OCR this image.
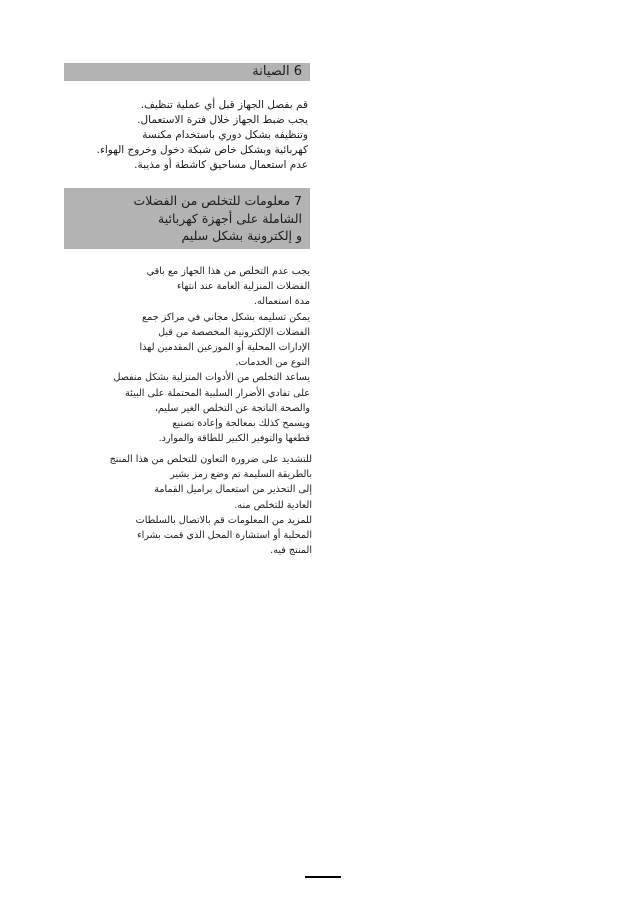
6 الصيانة
قم بفصل الجهاز قبل أي عملية تنظيف.
يجب ضبط الجهاز خلال فترة الاستعمال.
وتنظيفه بشكل دوري باستخدام مكنسة
كهربائية وبشكل خاص شبكة دخول وخروج الهواء.
عدم استعمال مساحيق كاشطة أو مذيبة.
7 معلومات للتخلص من الفضلات
الشاملة على أجهزة كهربائية
و إلكترونية بشكل سليم
يجب عدم التخلص من هذا الجهاز مع باقي
الفضلات المنزلية العامة عند انتهاء
مدة استعماله.
يمكن تسليمه بشكل مجاني في مراكز جمع
الفضلات الإلكترونية المخصصة من قبل
الإدارات المحلية أو الموزعين المقدمين لهذا
النوع من الخدمات.
يساعد التخلص من الأدوات المنزلية بشكل منفصل
على تفادي الأضرار السلبية المحتملة على البيئة
والصحة الناتجة عن التخلص الغير سليم،
ويسمح كذلك بمعالجة وإعادة تصنيع
قطعها والتوفير الكبير للطاقة والموارد.
للتشديد على ضرورة التعاون للتخلص من هذا المنتج
بالطريقة السليمة تم وضع رمز يشير
إلى التحذير من استعمال براميل القمامة
العادية للتخلص منه.
للمزيد من المعلومات قم بالاتصال بالسلطات
المحلية أو استشارة المحل الذي قمت بشراء
المنتج فيه.
